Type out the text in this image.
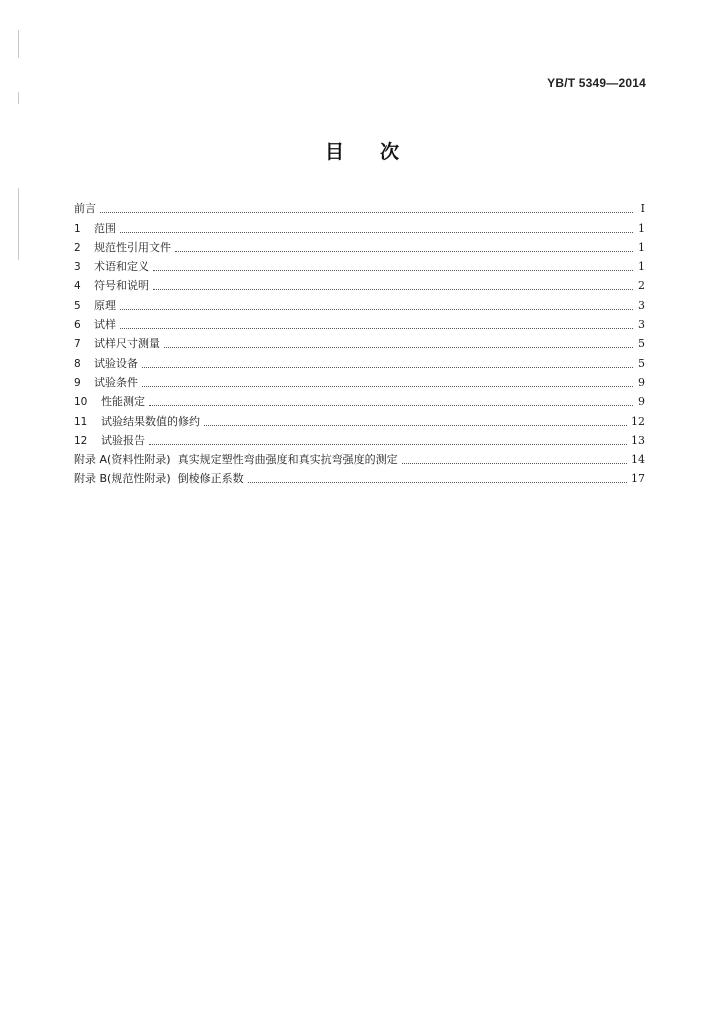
YB/T 5349—2014
目次
前言	Ⅰ
1	范围	1
2	规范性引用文件	1
3	术语和定义	1
4	符号和说明	2
5	原理	3
6	试样	3
7	试样尺寸测量	5
8	试验设备	5
9	试验条件	9
10	性能测定	9
11	试验结果数值的修约	12
12	试验报告	13
附录 A(资料性附录)  真实规定塑性弯曲强度和真实抗弯强度的测定	14
附录 B(规范性附录)  倒棱修正系数	17
